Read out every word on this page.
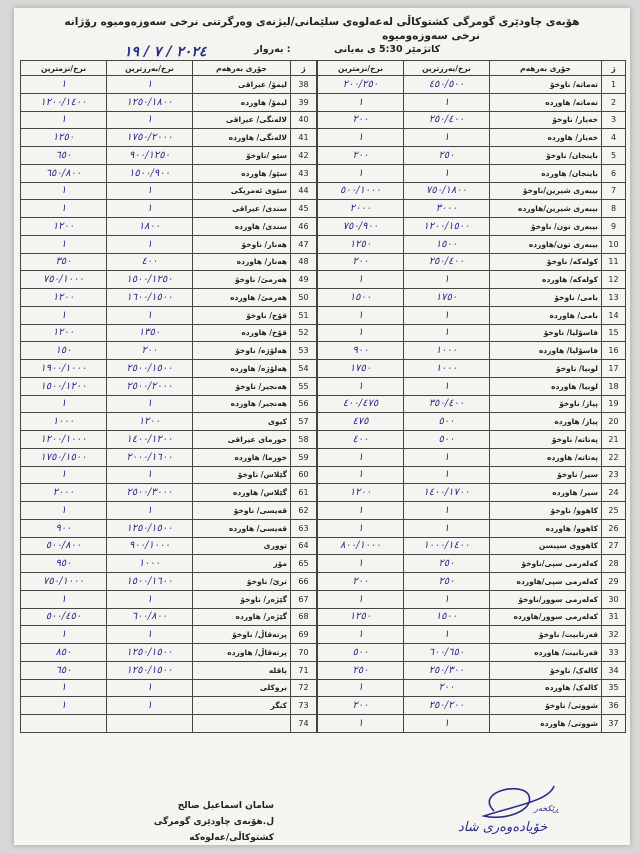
هۆبەی چاودێری گومرگی کشتوکاڵی لەعەلوەی سلێمانی/لیژنەی وەرگرتنی نرخی سەوزەومیوە رۆژانە
نرخی سەوزەومیوە
کاتژمێر 5:30 ی بەیانی
بەروار :
٢٠٢٤ / ٧ / ١٩
نرخ/نزمترین	نرخ/بەرزترین	جۆری بەرهەم	ژ
١	١	لیمۆ/ عیراقی	38
١٢٠٠/١٤٠٠	١٢٥٠/١٨٠٠	لیمۆ/ هاوردە	39
١	١	لالەنگی/ عیراقی	40
١٢٥٠	١٧٥٠/٢٠٠٠	لالەنگی/ هاوردە	41
٦٥٠	٩٠٠/١٢٥٠	سێو /ناوخۆ	42
٦٥٠/٨٠٠	١٥٠٠/٩٠٠	سێو/ هاوردە	43
١	١	سێوی ئەمریکی	44
١	١	سندی/ عیراقی	45
١٢٠٠	١٨٠٠	سندی/ هاوردە	46
١	١	هەنار/ ناوخۆ	47
٣٥٠	٤٠٠	هەنار/ هاوردە	48
٧٥٠/١٠٠٠	١٥٠٠/١٢٥٠	هەرمێ/ ناوخۆ	49
١٢٠٠	١٦٠٠/١٥٠٠	هەرمێ/ هاوردە	50
١	١	قۆخ/ ناوخۆ	51
١٢٠٠	١٣٥٠	قۆخ/ هاوردە	52
١٥٠	٢٠٠	هەلۆژە/ ناوخۆ	53
١٩٠٠/١٠٠٠	٢٥٠٠/١٥٠٠	هەلۆژە/ هاوردە	54
١٥٠٠/١٢٠٠	٢٥٠٠/٢٠٠٠	هەنجیر/ ناوخۆ	55
١	١	هەنجیر/ هاوردە	56
١٠٠٠	١٢٠٠	کیوی	57
١٢٠٠/١٠٠٠	١٤٠٠/١٢٠٠	خورمای عیراقی	58
١٧٥٠/١٥٠٠	٢٠٠٠/١٦٠٠	خورما/ هاوردە	59
١	١	گێلاس/ ناوخۆ	60
٢٠٠٠	٢٥٠٠/٣٠٠٠	گێلاس/ هاوردە	61
١	١	قەیسی/ ناوخۆ	62
٩٠٠	١٢٥٠/١٥٠٠	قەیسی/ هاوردە	63
٥٠٠/٨٠٠	٩٠٠/١٠٠٠	تووری	64
٩٥٠	١٠٠٠	مۆز	65
٧٥٠/١٠٠٠	١٥٠٠/١٦٠٠	ترێ/ ناوخۆ	66
١	١	گێژەر/ ناوخۆ	67
٥٠٠/٤٥٠	٦٠٠/٨٠٠	گێژەر/ هاوردە	68
١	١	پرتەقاڵ/ ناوخۆ	69
٨٥٠	١٢٥٠/١٥٠٠	پرتەقاڵ/ هاوردە	70
٦٥٠	١٢٥٠/١٥٠٠	پاقلە	71
١	١	بروکلی	72
١	١	کنگر	73
			74
نرخ/نزمترین	نرخ/بەرزترین	جۆری بەرهەم	ژ
٢٠٠/٢٥٠	٤٥٠/٥٠٠	تەماتە/ ناوخۆ	1
١	١	تەماتە/ هاوردە	2
٢٠٠	٢٥٠/٤٠٠	خەیار/ ناوخۆ	3
١	١	خەیار/ هاوردە	4
٢٠٠	٢٥٠	باینجان/ ناوخۆ	5
١	١	باینجان/ هاوردە	6
٥٠٠/١٠٠٠	٧٥٠/١٨٠٠	بیبەری شیرین/ناوخۆ	7
٢٠٠٠	٣٠٠٠	بیبەری شیرین/هاوردە	8
٧٥٠/٩٠٠	١٢٠٠/١٥٠٠	بیبەری تون/ ناوخۆ	9
١٢٥٠	١٥٠٠	بیبەری تون/هاوردە	10
٢٠٠	٢٥٠/٤٠٠	کولەکە/ ناوخۆ	11
١	١	کولەکە/ هاوردە	12
١٥٠٠	١٧٥٠	بامی/ ناوخۆ	13
١	١	بامی/ هاوردە	14
١	١	فاسۆلیا/ ناوخۆ	15
٩٠٠	١٠٠٠	فاسۆلیا/ هاوردە	16
١٧٥٠	١٠٠٠	لوبیا/ ناوخۆ	17
١	١	لوبیا/ هاوردە	18
٤٠٠/٤٧٥	٣٥٠/٤٠٠	پیاز/ ناوخۆ	19
٤٧٥	٥٠٠	پیاز/ هاوردە	20
٤٠٠	٥٠٠	پەتاتە/ ناوخۆ	21
١	١	پەتاتە/ هاوردە	22
١	١	سیر/ ناوخۆ	23
١٢٠٠	١٤٠٠/١٧٠٠	سیر/ هاوردە	24
١	١	کاهوو/ ناوخۆ	25
١	١	کاهوو/ هاوردە	26
٨٠٠/١٠٠٠	١٠٠٠/١٤٠٠	کاهووی سپیسن	27
١	٢٥٠	کەلەرمی سپی/ناوخۆ	28
٢٠٠	٢٥٠	کەلەرمی سپی/هاوردە	29
١	١	کەلەرمی سوور/ناوخۆ	30
١٢٥٠	١٥٠٠	کەلەرمی سوور/هاوردە	31
١	١	قەرنابیت/ ناوخۆ	32
٥٠٠	٦٠٠/٦٥٠	قەرنابیت/ هاوردە	33
٢٥٠	٢٥٠/٣٠٠	کالەک/ ناوخۆ	34
١	٢٠٠	کالەک/ هاوردە	35
٢٠٠	٢٥٠/٢٠٠	شووتی/ ناوخۆ	36
١	١	شووتی/ هاوردە	37
سامان اسماعیل صالح
ل.هۆبەی چاودێری گومرگی کشتوکاڵی/عەلوەکە
ڕێکخەر
خۆیادەوەری شاد
